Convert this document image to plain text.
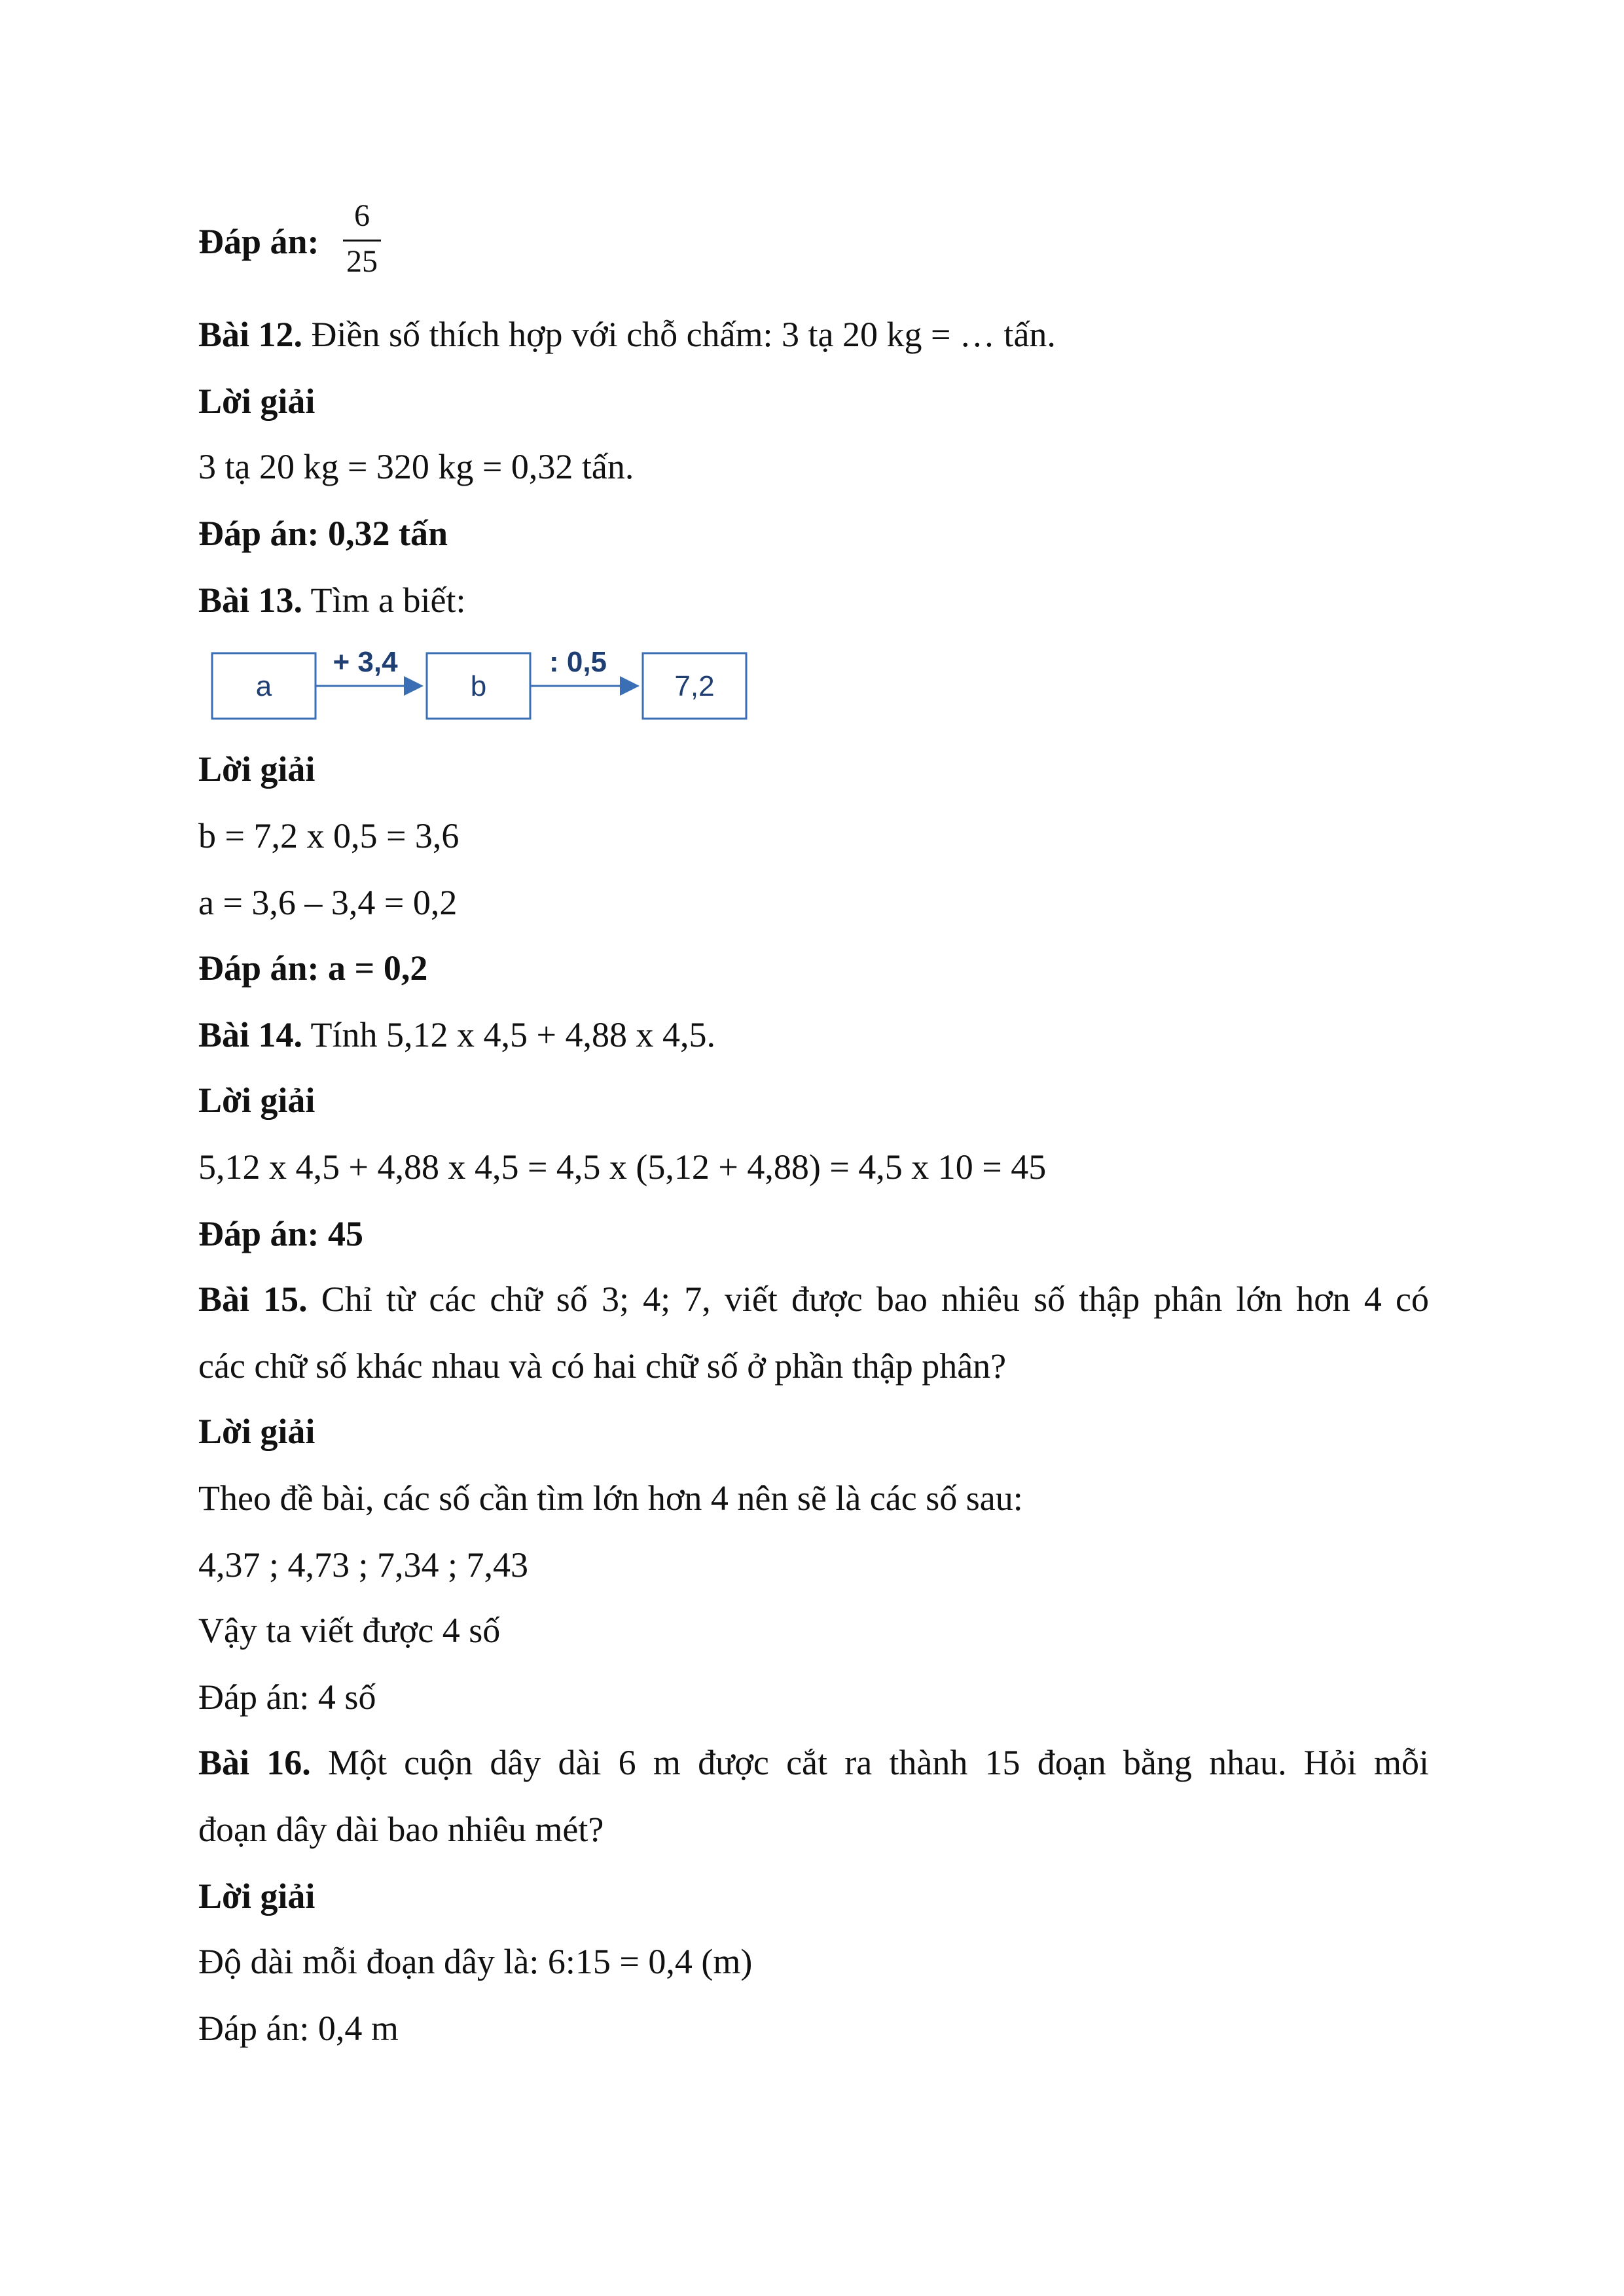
Đáp án:
6
25
Bài 12. Điền số thích hợp với chỗ chấm: 3 tạ 20 kg = … tấn.
Lời giải
3 tạ 20 kg = 320 kg = 0,32 tấn.
Đáp án: 0,32 tấn
Bài 13. Tìm a biết:
a
+ 3,4
b
: 0,5
7,2
Lời giải
b = 7,2 x 0,5 = 3,6
a = 3,6 – 3,4 = 0,2
Đáp án: a = 0,2
Bài 14. Tính 5,12 x 4,5 + 4,88 x 4,5.
Lời giải
5,12 x 4,5 + 4,88 x 4,5 = 4,5 x (5,12 + 4,88) = 4,5 x 10 = 45
Đáp án: 45
Bài 15. Chỉ từ các chữ số 3; 4; 7, viết được bao nhiêu số thập phân lớn hơn 4 có
các chữ số khác nhau và có hai chữ số ở phần thập phân?
Lời giải
Theo đề bài, các số cần tìm lớn hơn 4 nên sẽ là các số sau:
4,37 ; 4,73 ; 7,34 ; 7,43
Vậy ta viết được 4 số
Đáp án: 4 số
Bài 16. Một cuộn dây dài 6 m được cắt ra thành 15 đoạn bằng nhau. Hỏi mỗi
đoạn dây dài bao nhiêu mét?
Lời giải
Độ dài mỗi đoạn dây là: 6:15 = 0,4 (m)
Đáp án: 0,4 m
